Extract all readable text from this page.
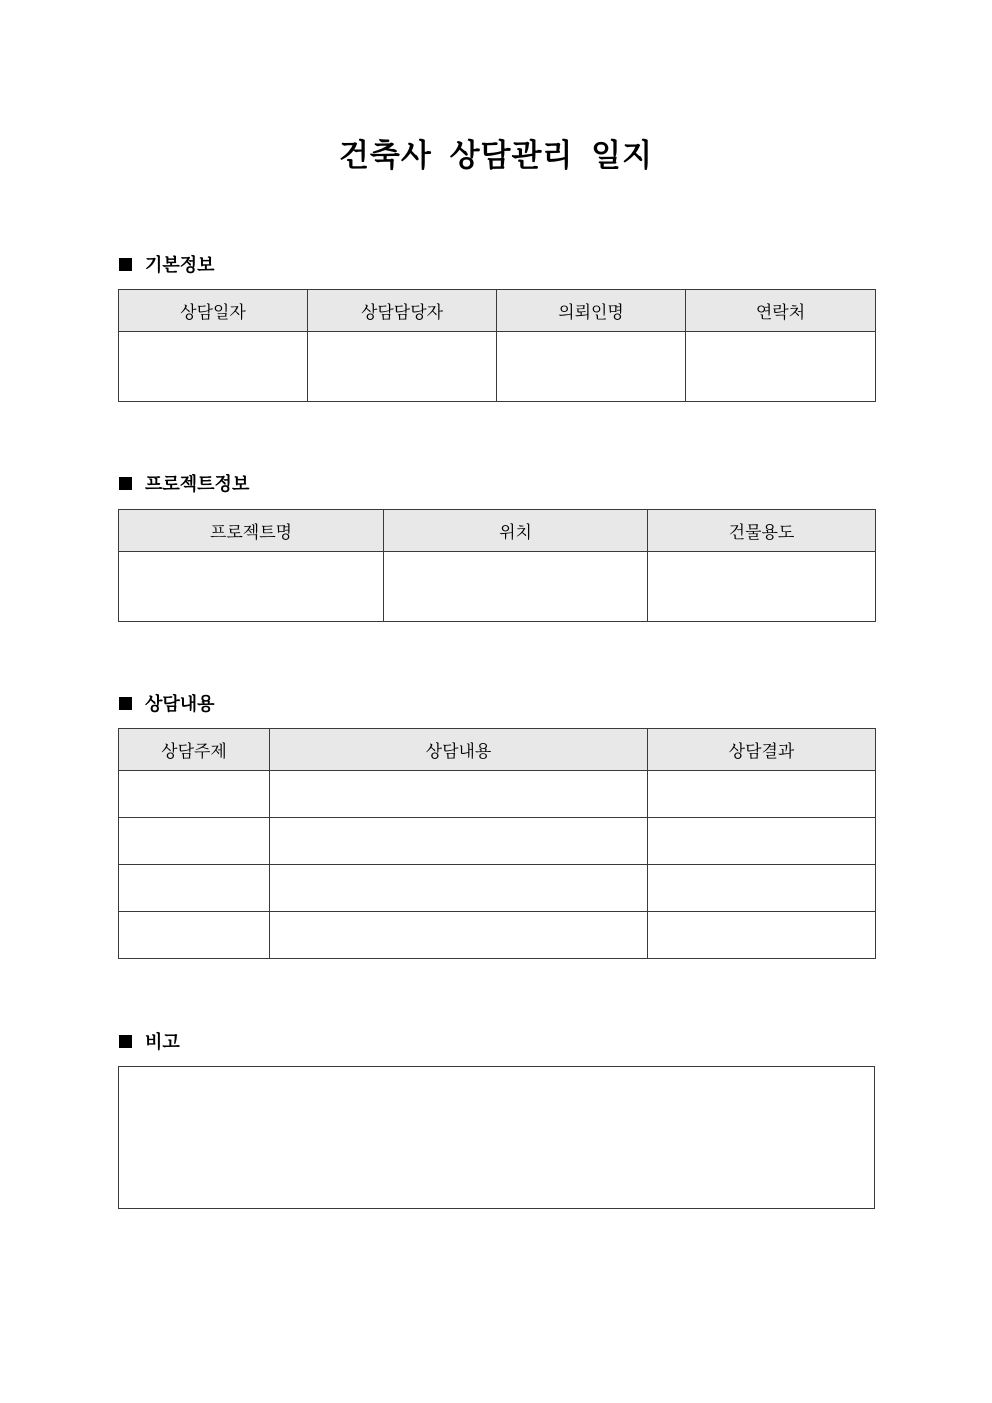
건축사 상담관리 일지
기본정보
상담일자	상담담당자	의뢰인명	연락처

프로젝트정보
프로젝트명	위치	건물용도

상담내용
상담주제	상담내용	상담결과

비고
